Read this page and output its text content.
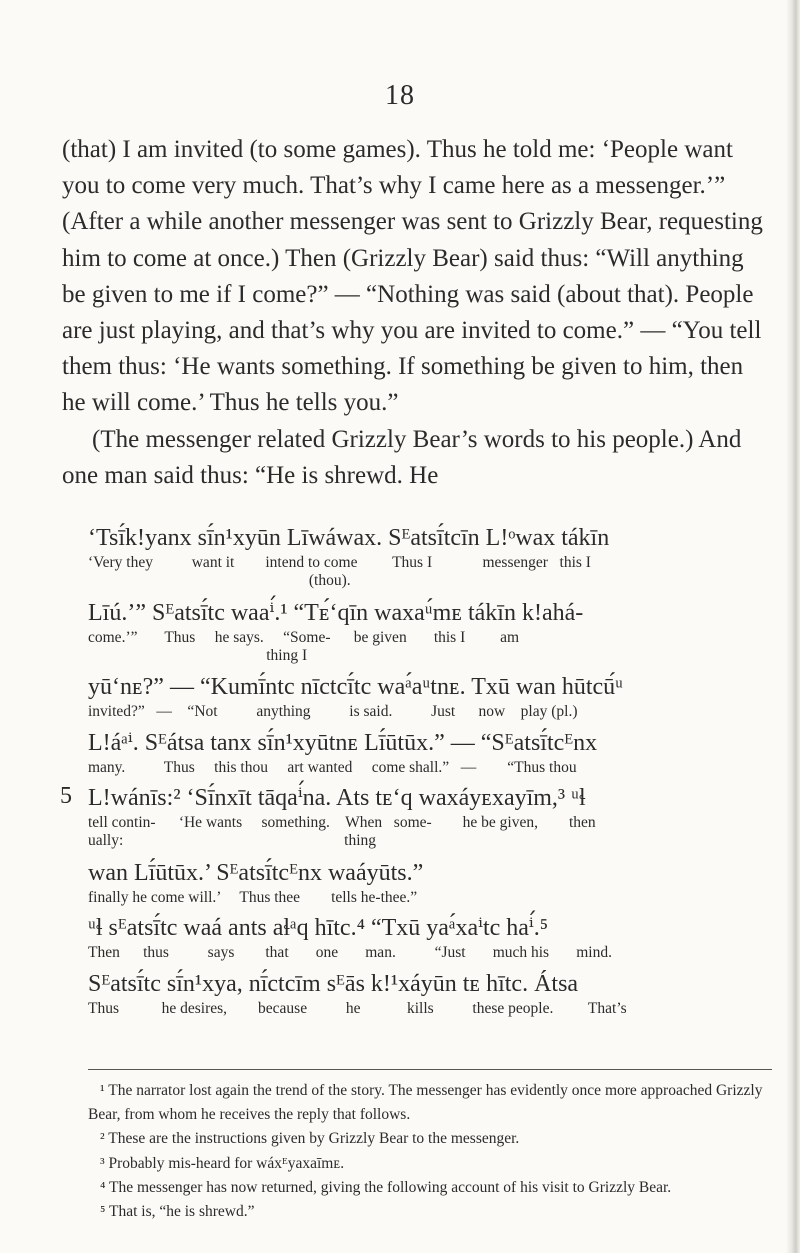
18

(that) I am invited (to some games). Thus he told me: ‘People want you to come very much. That’s why I came here as a messenger.’” (After a while another messenger was sent to Grizzly Bear, requesting him to come at once.) Then (Grizzly Bear) said thus: “Will anything be given to me if I come?” — “Nothing was said (about that). People are just playing, and that’s why you are invited to come.” — “You tell them thus: ‘He wants something. If something be given to him, then he will come.’ Thus he tells you.”

(The messenger related Grizzly Bear’s words to his people.) And one man said thus: “He is shrewd. He

‘Tsī́k!yanx sī́n¹xyūn Līwáwax. Sᴱatsī́tcīn L!ᵒwax tákīn
‘Very they          want it        intend to come         Thus I             messenger   this I
(thou).
Līú.’” Sᴱatsī́tc waaⁱ́.¹ “Tᴇ́‘qīn waxaᵘ́mᴇ tákīn k!ahá-
come.’”       Thus     he says.     “Some-      be given       this I         am
thing I
yū‘nᴇ?” — “Kumī́ntc nīctcī́tc waᵃ́aᵘtnᴇ. Txū wan hūtcū́ᵘ
invited?”   —    “Not          anything          is said.          Just      now    play (pl.)
L!áᵃⁱ. Sᴱátsa tanx sī́n¹xyūtnᴇ Lī́ūtūx.” — “Sᴱatsī́tcᴱnx
many.          Thus     this thou     art wanted     come shall.”   —        “Thus thou
5 L!wánīs:² ‘Sī́nxīt tāqaⁱ́na. Ats tᴇ‘q waxáyᴇxayīm,³ ᵘɬ
tell contin-      ‘He wants     something.    When   some-        he be given,        then
ually:                                                         thing
wan Lī́ūtūx.’ Sᴱatsī́tcᴱnx waáyūts.”
finally he come will.’     Thus thee        tells he-thee.”
ᵘɬ sᴱatsī́tc waá ants aɬᵃq hītc.⁴ “Txū yaᵃ́xaⁱtc haⁱ́.⁵
Then      thus          says        that       one       man.          “Just       much his       mind.
Sᴱatsī́tc sī́n¹xya, nī́ctcīm sᴱās k!¹xáyūn tᴇ hītc. Átsa
Thus           he desires,        because          he            kills          these people.         That’s

¹ The narrator lost again the trend of the story. The messenger has evidently once more approached Grizzly Bear, from whom he receives the reply that follows.

² These are the instructions given by Grizzly Bear to the messenger.

³ Probably mis-heard for wáxᴱyaxaīmᴇ.

⁴ The messenger has now returned, giving the following account of his visit to Grizzly Bear.

⁵ That is, “he is shrewd.”
